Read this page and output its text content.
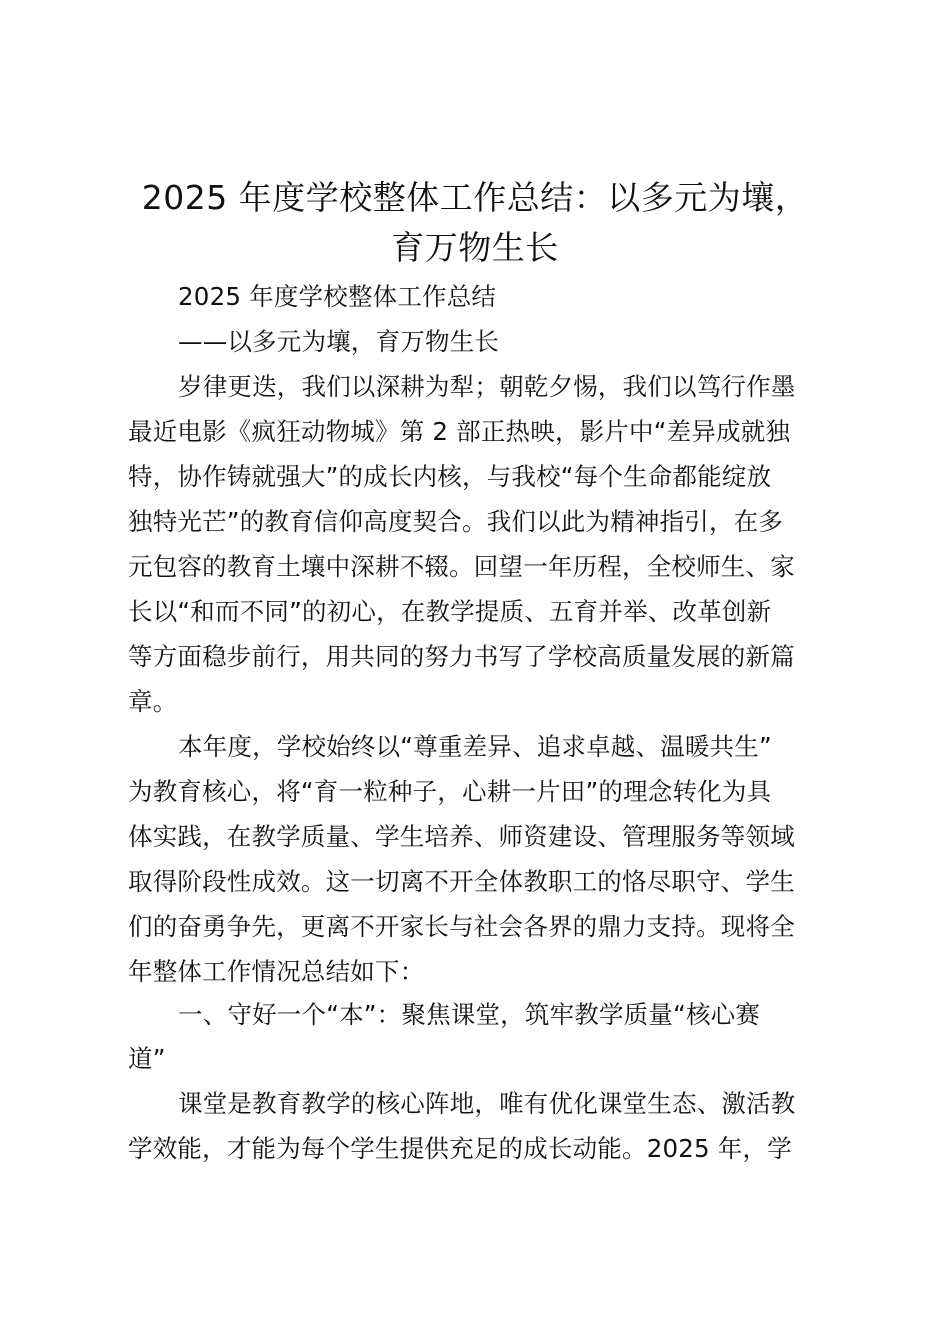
2025 年度学校整体工作总结：以多元为壤，
育万物生长
2025 年度学校整体工作总结
——以多元为壤，育万物生长
岁律更迭，我们以深耕为犁；朝乾夕惕，我们以笃行作墨
最近电影《疯狂动物城》第 2 部正热映，影片中“差异成就独
特，协作铸就强大”的成长内核，与我校“每个生命都能绽放
独特光芒”的教育信仰高度契合。我们以此为精神指引，在多
元包容的教育土壤中深耕不辍。回望一年历程，全校师生、家
长以“和而不同”的初心，在教学提质、五育并举、改革创新
等方面稳步前行，用共同的努力书写了学校高质量发展的新篇
章。
本年度，学校始终以“尊重差异、追求卓越、温暖共生”
为教育核心，将“育一粒种子，心耕一片田”的理念转化为具
体实践，在教学质量、学生培养、师资建设、管理服务等领域
取得阶段性成效。这一切离不开全体教职工的恪尽职守、学生
们的奋勇争先，更离不开家长与社会各界的鼎力支持。现将全
年整体工作情况总结如下：
一、守好一个“本”：聚焦课堂，筑牢教学质量“核心赛
道”
课堂是教育教学的核心阵地，唯有优化课堂生态、激活教
学效能，才能为每个学生提供充足的成长动能。2025 年，学
